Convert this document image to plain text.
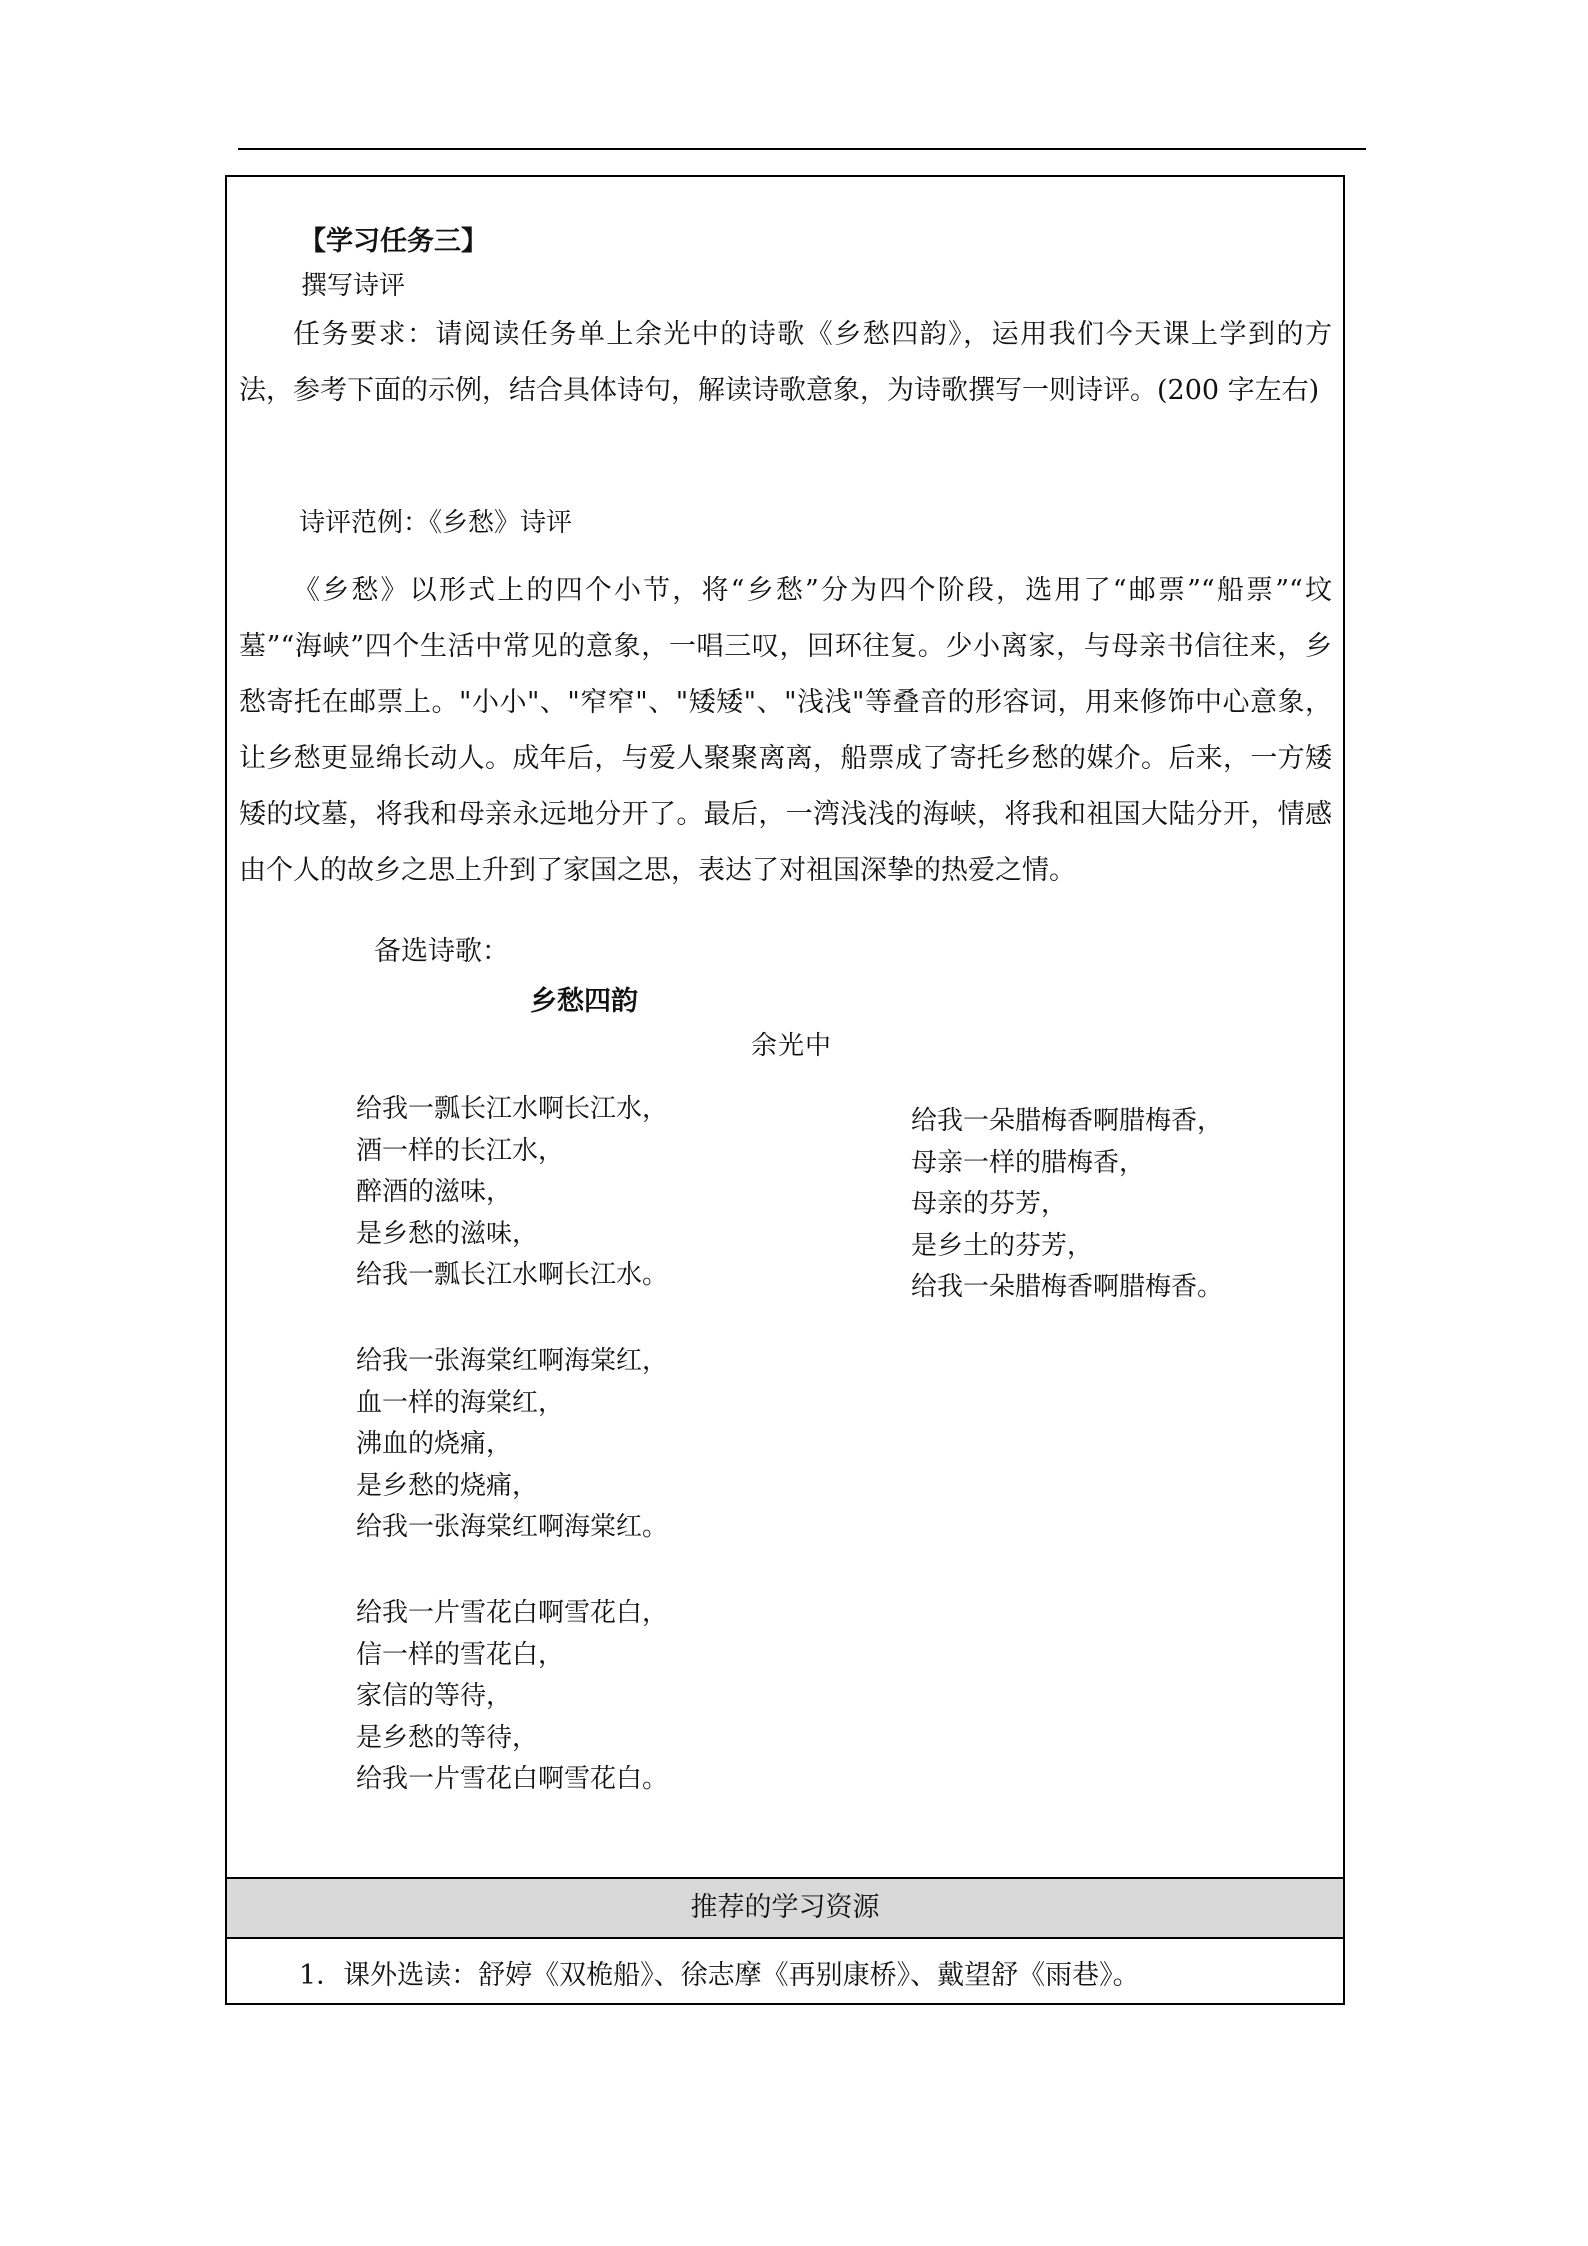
【学习任务三】
撰写诗评
任务要求：请阅读任务单上余光中的诗歌《乡愁四韵》，运用我们今天课上学到的方法，参考下面的示例，结合具体诗句，解读诗歌意象，为诗歌撰写一则诗评。(200 字左右)
诗评范例：《乡愁》诗评
《乡愁》以形式上的四个小节，将“乡愁”分为四个阶段，选用了“邮票”“船票”“坟墓”“海峡”四个生活中常见的意象，一唱三叹，回环往复。少小离家，与母亲书信往来，乡愁寄托在邮票上。"小小"、"窄窄"、"矮矮"、"浅浅"等叠音的形容词，用来修饰中心意象，让乡愁更显绵长动人。成年后，与爱人聚聚离离，船票成了寄托乡愁的媒介。后来，一方矮矮的坟墓，将我和母亲永远地分开了。最后，一湾浅浅的海峡，将我和祖国大陆分开，情感由个人的故乡之思上升到了家国之思，表达了对祖国深挚的热爱之情。
备选诗歌：
乡愁四韵
余光中
给我一瓢长江水啊长江水，
酒一样的长江水，
醉酒的滋味，
是乡愁的滋味，
给我一瓢长江水啊长江水。
给我一张海棠红啊海棠红，
血一样的海棠红，
沸血的烧痛，
是乡愁的烧痛，
给我一张海棠红啊海棠红。
给我一片雪花白啊雪花白，
信一样的雪花白，
家信的等待，
是乡愁的等待，
给我一片雪花白啊雪花白。
给我一朵腊梅香啊腊梅香，
母亲一样的腊梅香，
母亲的芬芳，
是乡土的芬芳，
给我一朵腊梅香啊腊梅香。
推荐的学习资源
1．课外选读：舒婷《双桅船》、徐志摩《再别康桥》、戴望舒《雨巷》。
